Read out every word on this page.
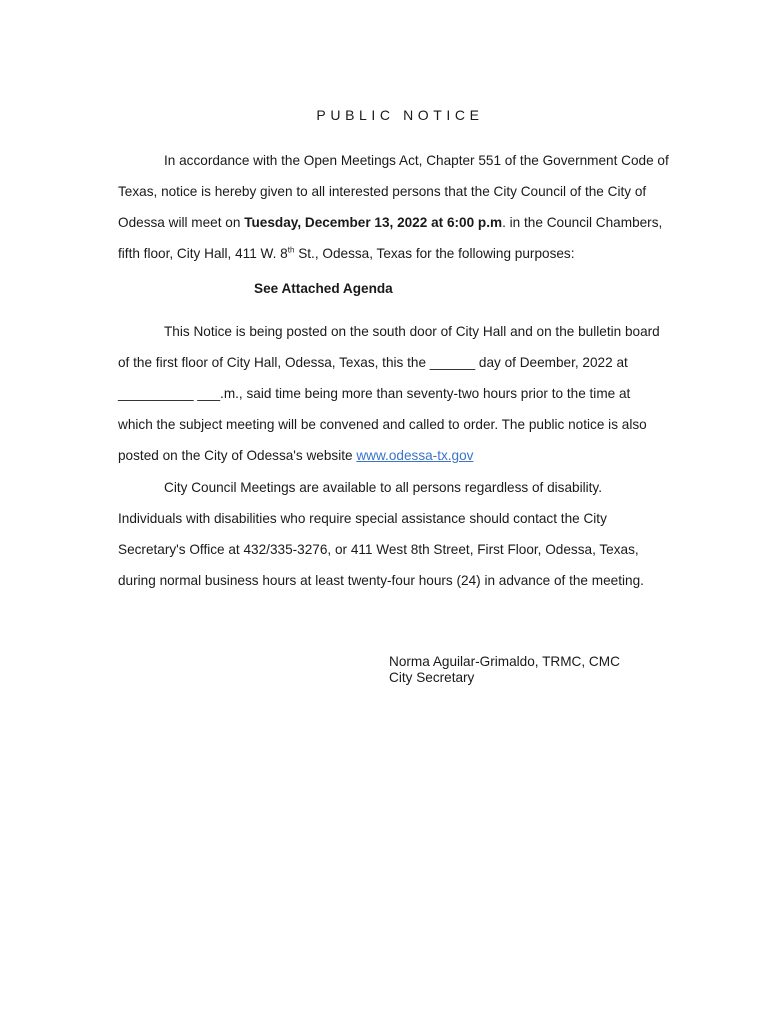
PUBLIC NOTICE

In accordance with the Open Meetings Act, Chapter 551 of the Government Code of
Texas, notice is hereby given to all interested persons that the City Council of the City of
Odessa will meet on Tuesday, December 13, 2022 at 6:00 p.m. in the Council Chambers,
fifth floor, City Hall, 411 W. 8th St., Odessa, Texas for the following purposes:

See Attached Agenda

This Notice is being posted on the south door of City Hall and on the bulletin board
of the first floor of City Hall, Odessa, Texas, this the ______ day of Deember, 2022 at
__________ ___.m., said time being more than seventy-two hours prior to the time at
which the subject meeting will be convened and called to order. The public notice is also
posted on the City of Odessa's website www.odessa-tx.gov

City Council Meetings are available to all persons regardless of disability.
Individuals with disabilities who require special assistance should contact the City
Secretary's Office at 432/335-3276, or 411 West 8th Street, First Floor, Odessa, Texas,
during normal business hours at least twenty-four hours (24) in advance of the meeting.

Norma Aguilar-Grimaldo, TRMC, CMC
City Secretary
